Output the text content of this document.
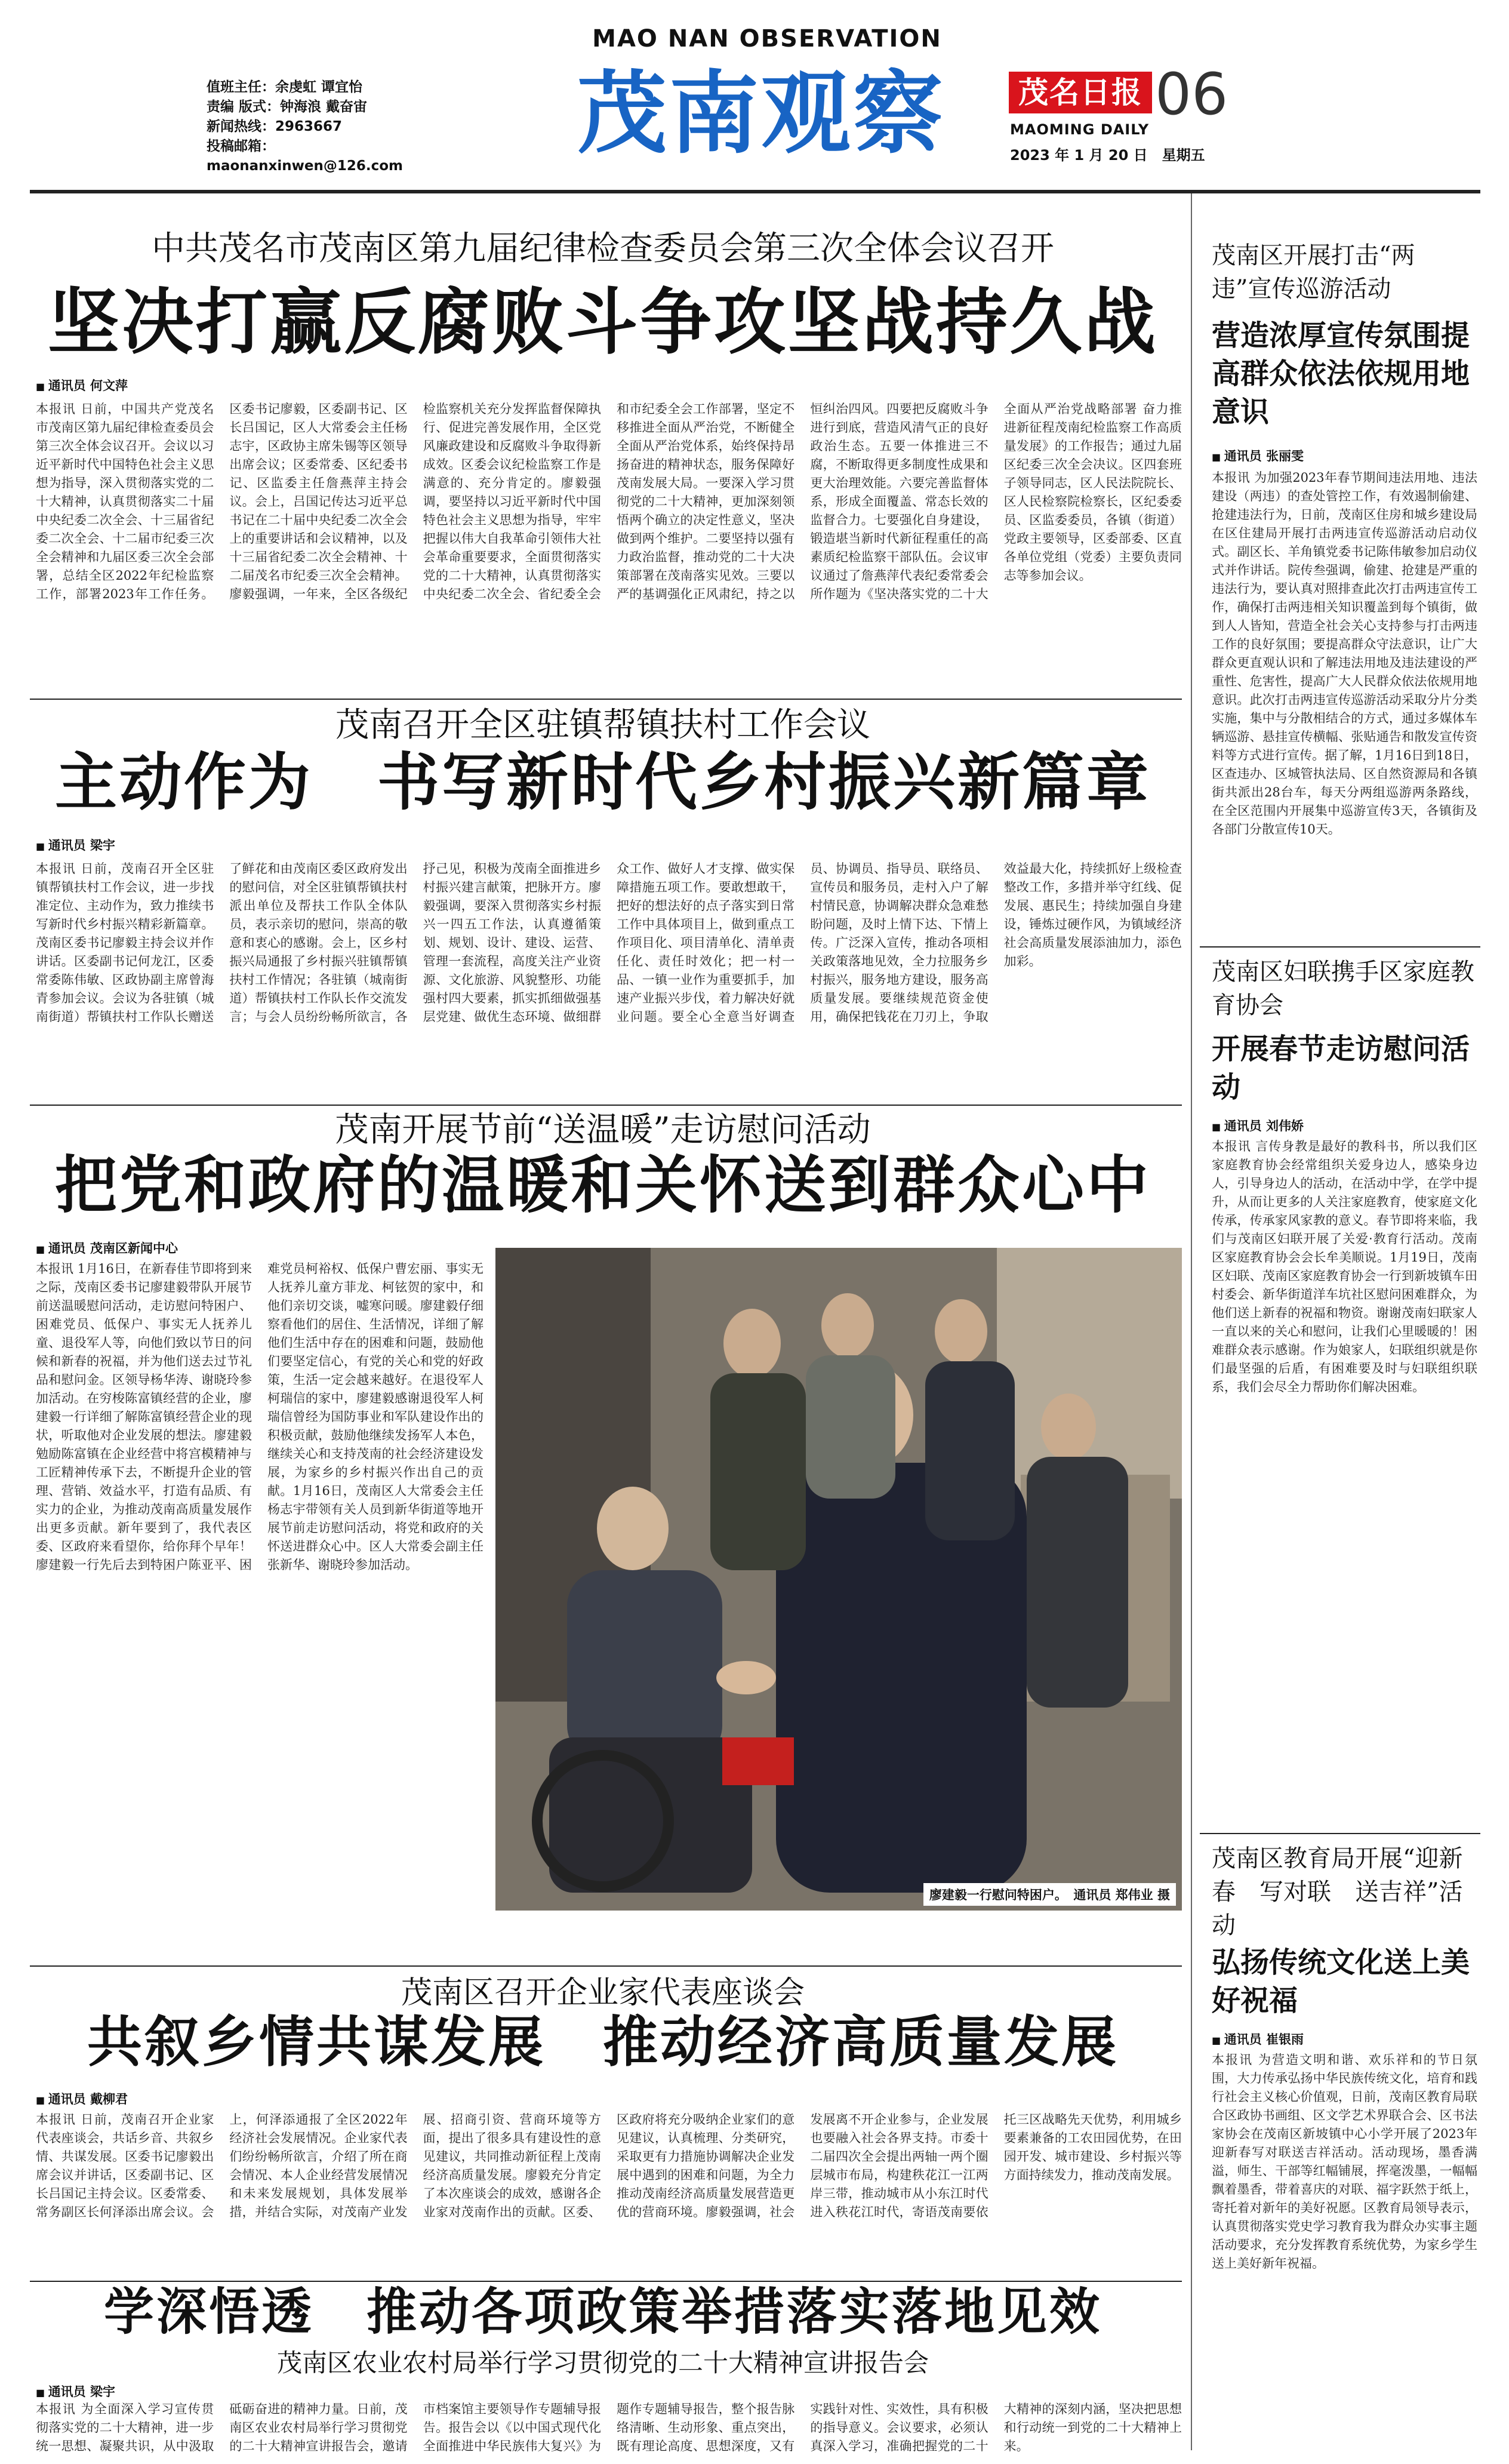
值班主任：余虔虹 谭宜怡
责编 版式：钟海浪 戴奋宙
新闻热线：2963667
投稿邮箱：maonanxinwen@126.com
MAO NAN OBSERVATION
茂南观察	茂名日报 06
MAOMING DAILY
2023 年 1 月 20 日　星期五
中共茂名市茂南区第九届纪律检查委员会第三次全体会议召开
坚决打赢反腐败斗争攻坚战持久战
■ 通讯员 何文萍
本报讯 日前，中国共产党茂名市茂南区第九届纪律检查委员会第三次全体会议召开。会议以习近平新时代中国特色社会主义思想为指导，深入贯彻落实党的二十大精神，认真贯彻落实二十届中央纪委二次全会、十三届省纪委二次全会、十二届市纪委三次全会精神和九届区委三次全会部署，总结全区2022年纪检监察工作，部署2023年工作任务。区委书记廖毅，区委副书记、区长吕国记，区人大常委会主任杨志宇，区政协主席朱锡等区领导出席会议；区委常委、区纪委书记、区监委主任詹燕萍主持会议。会上，吕国记传达习近平总书记在二十届中央纪委二次全会上的重要讲话和会议精神，以及十三届省纪委二次全会精神、十二届茂名市纪委三次全会精神。廖毅强调，一年来，全区各级纪检监察机关充分发挥监督保障执行、促进完善发展作用，全区党风廉政建设和反腐败斗争取得新成效。区委会议纪检监察工作是满意的、充分肯定的。廖毅强调，要坚持以习近平新时代中国特色社会主义思想为指导，牢牢把握以伟大自我革命引领伟大社会革命重要要求，全面贯彻落实党的二十大精神，认真贯彻落实中央纪委二次全会、省纪委全会和市纪委全会工作部署，坚定不移推进全面从严治党，不断健全全面从严治党体系，始终保持昂扬奋进的精神状态，服务保障好茂南发展大局。一要深入学习贯彻党的二十大精神，更加深刻领悟两个确立的决定性意义，坚决做到两个维护。二要坚持以强有力政治监督，推动党的二十大决策部署在茂南落实见效。三要以严的基调强化正风肃纪，持之以恒纠治四风。四要把反腐败斗争进行到底，营造风清气正的良好政治生态。五要一体推进三不腐，不断取得更多制度性成果和更大治理效能。六要完善监督体系，形成全面覆盖、常态长效的监督合力。七要强化自身建设，锻造堪当新时代新征程重任的高素质纪检监察干部队伍。会议审议通过了詹燕萍代表纪委常委会所作题为《坚决落实党的二十大全面从严治党战略部署 奋力推进新征程茂南纪检监察工作高质量发展》的工作报告；通过九届区纪委三次全会决议。区四套班子领导同志，区人民法院院长、区人民检察院检察长，区纪委委员、区监委委员，各镇（街道）党政主要领导，区委部委、区直各单位党组（党委）主要负责同志等参加会议。
茂南召开全区驻镇帮镇扶村工作会议
主动作为　书写新时代乡村振兴新篇章
■ 通讯员 梁宇
本报讯 日前，茂南召开全区驻镇帮镇扶村工作会议，进一步找准定位、主动作为，致力推续书写新时代乡村振兴精彩新篇章。茂南区委书记廖毅主持会议并作讲话。区委副书记何龙江，区委常委陈伟敏、区政协副主席曾海青参加会议。会议为各驻镇（城南街道）帮镇扶村工作队长赠送了鲜花和由茂南区委区政府发出的慰问信，对全区驻镇帮镇扶村派出单位及帮扶工作队全体队员，表示亲切的慰问，崇高的敬意和衷心的感谢。会上，区乡村振兴局通报了乡村振兴驻镇帮镇扶村工作情况；各驻镇（城南街道）帮镇扶村工作队长作交流发言；与会人员纷纷畅所欲言，各抒己见，积极为茂南全面推进乡村振兴建言献策，把脉开方。廖毅强调，要深入贯彻落实乡村振兴一四五工作法，认真遵循策划、规划、设计、建设、运营、管理一套流程，高度关注产业资源、文化旅游、风貌整形、功能强村四大要素，抓实抓细做强基层党建、做优生态环境、做细群众工作、做好人才支撑、做实保障措施五项工作。要敢想敢干，把好的想法好的点子落实到日常工作中具体项目上，做到重点工作项目化、项目清单化、清单责任化、责任时效化；把一村一品、一镇一业作为重要抓手，加速产业振兴步伐，着力解决好就业问题。要全心全意当好调查员、协调员、指导员、联络员、宣传员和服务员，走村入户了解村情民意，协调解决群众急难愁盼问题，及时上情下达、下情上传。广泛深入宣传，推动各项相关政策落地见效，全力拉服务乡村振兴，服务地方建设，服务高质量发展。要继续规范资金使用，确保把钱花在刀刃上，争取效益最大化，持续抓好上级检查整改工作，多措并举守红线、促发展、惠民生；持续加强自身建设，锤炼过硬作风，为镇域经济社会高质量发展添油加力，添色加彩。
茂南开展节前“送温暖”走访慰问活动
把党和政府的温暖和关怀送到群众心中
■ 通讯员 茂南区新闻中心
本报讯 1月16日，在新春佳节即将到来之际，茂南区委书记廖建毅带队开展节前送温暖慰问活动，走访慰问特困户、困难党员、低保户、事实无人抚养儿童、退役军人等，向他们致以节日的问候和新春的祝福，并为他们送去过节礼品和慰问金。区领导杨华涛、谢晓玲参加活动。在穷梭陈富镇经营的企业，廖建毅一行详细了解陈富镇经营企业的现状，听取他对企业发展的想法。廖建毅勉励陈富镇在企业经营中将宫模精神与工匠精神传承下去，不断提升企业的管理、营销、效益水平，打造有品质、有实力的企业，为推动茂南高质量发展作出更多贡献。新年要到了，我代表区委、区政府来看望你，给你拜个早年！廖建毅一行先后去到特困户陈亚平、困难党员柯裕权、低保户曹宏丽、事实无人抚养儿童方菲龙、柯铉贺的家中，和他们亲切交谈，嘘寒问暖。廖建毅仔细察看他们的居住、生活情况，详细了解他们生活中存在的困难和问题，鼓励他们要坚定信心，有党的关心和党的好政策，生活一定会越来越好。在退役军人柯瑞信的家中，廖建毅感谢退役军人柯瑞信曾经为国防事业和军队建设作出的积极贡献，鼓励他继续发扬军人本色，继续关心和支持茂南的社会经济建设发展，为家乡的乡村振兴作出自己的贡献。1月16日，茂南区人大常委会主任杨志宇带领有关人员到新华街道等地开展节前走访慰问活动，将党和政府的关怀送进群众心中。区人大常委会副主任张新华、谢晓玲参加活动。
廖建毅一行慰问特困户。　通讯员 郑伟业 摄
茂南区召开企业家代表座谈会
共叙乡情共谋发展　推动经济高质量发展
■ 通讯员 戴柳君
本报讯 日前，茂南召开企业家代表座谈会，共话乡音、共叙乡情、共谋发展。区委书记廖毅出席会议并讲话，区委副书记、区长吕国记主持会议。区委常委、常务副区长何泽添出席会议。会上，何泽添通报了全区2022年经济社会发展情况。企业家代表们纷纷畅所欲言，介绍了所在商会情况、本人企业经营发展情况和未来发展规划，具体发展举措，并结合实际，对茂南产业发展、招商引资、营商环境等方面，提出了很多具有建设性的意见建议，共同推动新征程上茂南经济高质量发展。廖毅充分肯定了本次座谈会的成效，感谢各企业家对茂南作出的贡献。区委、区政府将充分吸纳企业家们的意见建议，认真梳理、分类研究，采取更有力措施协调解决企业发展中遇到的困难和问题，为全力推动茂南经济高质量发展营造更优的营商环境。廖毅强调，社会发展离不开企业参与，企业发展也要融入社会各界支持。市委十二届四次全会提出两轴一两个圈层城市布局，构建秩花江一江两岸三带，推动城市从小东江时代进入秩花江时代，寄语茂南要依托三区战略先天优势，利用城乡要素兼备的工农田园优势，在田园开发、城市建设、乡村振兴等方面持续发力，推动茂南发展。
学深悟透　推动各项政策举措落实落地见效
茂南区农业农村局举行学习贯彻党的二十大精神宣讲报告会
■ 通讯员 梁宇
本报讯 为全面深入学习宣传贯彻落实党的二十大精神，进一步统一思想、凝聚共识，从中汲取砥砺奋进的精神力量。日前，茂南区农业农村局举行学习贯彻党的二十大精神宣讲报告会，邀请市档案馆主要领导作专题辅导报告。报告会以《以中国式现代化全面推进中华民族伟大复兴》为题作专题辅导报告，整个报告脉络清晰、生动形象、重点突出，既有理论高度、思想深度，又有实践针对性、实效性，具有积极的指导意义。会议要求，必须认真深入学习，准确把握党的二十大精神的深刻内涵，坚决把思想和行动统一到党的二十大精神上来。
茂南区开展打击“两违”宣传巡游活动
营造浓厚宣传氛围提高群众依法依规用地意识
■ 通讯员 张丽雯
本报讯 为加强2023年春节期间违法用地、违法建设（两违）的查处管控工作，有效遏制偷建、抢建违法行为，日前，茂南区住房和城乡建设局在区住建局开展打击两违宣传巡游活动启动仪式。副区长、羊角镇党委书记陈伟敏参加启动仪式并作讲话。院传叁强调，偷建、抢建是严重的违法行为，要认真对照排查此次打击两违宣传工作，确保打击两违相关知识覆盖到每个镇街，做到人人皆知，营造全社会关心支持参与打击两违工作的良好氛围；要提高群众守法意识，让广大群众更直观认识和了解违法用地及违法建设的严重性、危害性，提高广大人民群众依法依规用地意识。此次打击两违宣传巡游活动采取分片分类实施，集中与分散相结合的方式，通过多媒体车辆巡游、悬挂宣传横幅、张贴通告和散发宣传资料等方式进行宣传。据了解，1月16日到18日，区查违办、区城管执法局、区自然资源局和各镇街共派出28台车，每天分两组巡游两条路线，在全区范围内开展集中巡游宣传3天，各镇街及各部门分散宣传10天。
茂南区妇联携手区家庭教育协会
开展春节走访慰问活动
■ 通讯员 刘伟娇
本报讯 言传身教是最好的教科书，所以我们区家庭教育协会经常组织关爱身边人，感染身边人，引导身边人的活动，在活动中学，在学中提升，从而让更多的人关注家庭教育，使家庭文化传承，传承家风家教的意义。春节即将来临，我们与茂南区妇联开展了关爱·教育行活动。茂南区家庭教育协会会长牟美顺说。1月19日，茂南区妇联、茂南区家庭教育协会一行到新坡镇车田村委会、新华街道洋车坑社区慰问困难群众，为他们送上新春的祝福和物资。谢谢茂南妇联家人一直以来的关心和慰问，让我们心里暖暖的！困难群众表示感谢。作为娘家人，妇联组织就是你们最坚强的后盾，有困难要及时与妇联组织联系，我们会尽全力帮助你们解决困难。
茂南区教育局开展“迎新春　写对联　送吉祥”活动
弘扬传统文化送上美好祝福
■ 通讯员 崔银雨
本报讯 为营造文明和谐、欢乐祥和的节日氛围，大力传承弘扬中华民族传统文化，培育和践行社会主义核心价值观，日前，茂南区教育局联合区政协书画组、区文学艺术界联合会、区书法家协会在茂南区新坡镇中心小学开展了2023年迎新春写对联送吉祥活动。活动现场，墨香满溢，师生、干部等红幅铺展，挥毫泼墨，一幅幅飘着墨香，带着喜庆的对联、福字跃然于纸上，寄托着对新年的美好祝愿。区教育局领导表示，认真贯彻落实党史学习教育我为群众办实事主题活动要求，充分发挥教育系统优势，为家乡学生送上美好新年祝福。
